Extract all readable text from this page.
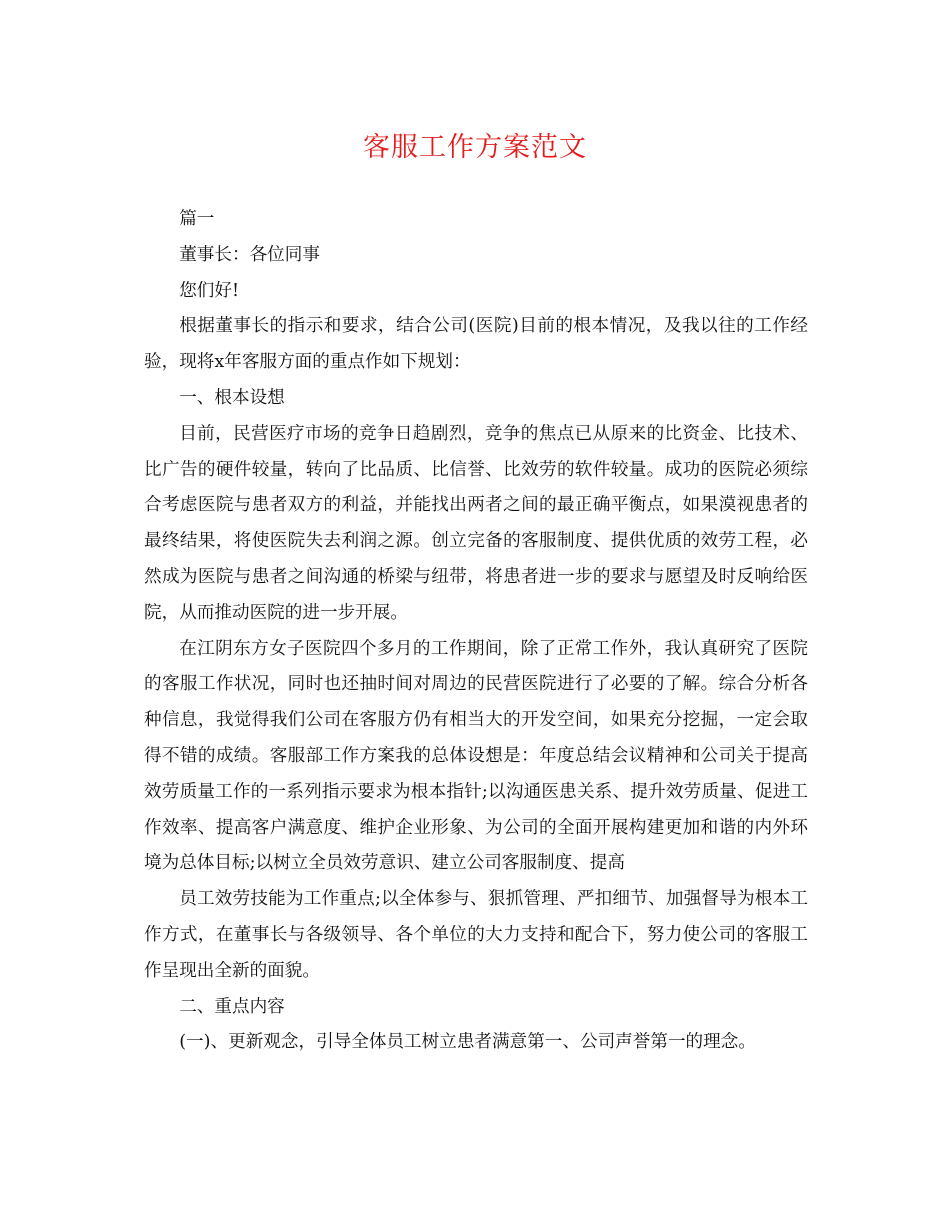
客服工作方案范文

篇一

董事长：各位同事

您们好!

根据董事长的指示和要求，结合公司(医院)目前的根本情况，及我以往的工作经验，现将x年客服方面的重点作如下规划：

一、根本设想

目前，民营医疗市场的竞争日趋剧烈，竞争的焦点已从原来的比资金、比技术、比广告的硬件较量，转向了比品质、比信誉、比效劳的软件较量。成功的医院必须综合考虑医院与患者双方的利益，并能找出两者之间的最正确平衡点，如果漠视患者的最终结果，将使医院失去利润之源。创立完备的客服制度、提供优质的效劳工程，必然成为医院与患者之间沟通的桥梁与纽带，将患者进一步的要求与愿望及时反响给医院，从而推动医院的进一步开展。

在江阴东方女子医院四个多月的工作期间，除了正常工作外，我认真研究了医院的客服工作状况，同时也还抽时间对周边的民营医院进行了必要的了解。综合分析各种信息，我觉得我们公司在客服方仍有相当大的开发空间，如果充分挖掘，一定会取得不错的成绩。客服部工作方案我的总体设想是：年度总结会议精神和公司关于提高效劳质量工作的一系列指示要求为根本指针;以沟通医患关系、提升效劳质量、促进工作效率、提高客户满意度、维护企业形象、为公司的全面开展构建更加和谐的内外环境为总体目标;以树立全员效劳意识、建立公司客服制度、提高

员工效劳技能为工作重点;以全体参与、狠抓管理、严扣细节、加强督导为根本工作方式，在董事长与各级领导、各个单位的大力支持和配合下，努力使公司的客服工作呈现出全新的面貌。

二、重点内容

(一)、更新观念，引导全体员工树立患者满意第一、公司声誉第一的理念。
